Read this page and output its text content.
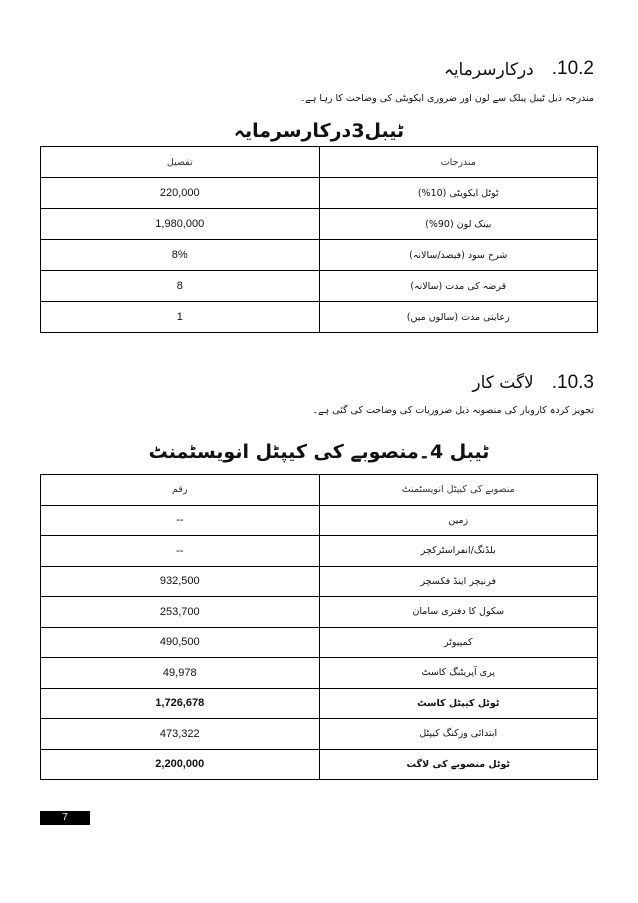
.10.2
درکارسرمایہ
مندرجہ ذیل ٹیبل پبلک سے لون اور ضروری ایکویٹی کی وضاحت کا رہا ہے۔
ٹیبل3درکارسرمایہ
تفصیل	مندرجات
220,000	ٹوٹل ایکویٹی (10%)
1,980,000	بینک لون (90%)
8%	شرح سود (فیصد/سالانہ)
8	قرضہ کی مدت (سالانہ)
1	رعایتی مدت (سالوں میں)
.10.3
لاگت کار
تجویز کردہ کاروبار کی منصوبہ ذیل ضروریات کی وضاحت کی گئی ہے۔
ٹیبل 4۔منصوبے کی کیپٹل انویسٹمنٹ
رقم	منصوبے کی کیپٹل انویسٹمنٹ
--	زمین
--	بلڈنگ/انفراسٹرکچر
932,500	فرنیچر اینڈ فکسچر
253,700	سکول کا دفتری سامان
490,500	کمپیوٹر
49,978	پری آپریٹنگ کاسٹ
1,726,678	ٹوٹل کیپٹل کاسٹ
473,322	ابتدائی ورکنگ کیپٹل
2,200,000	ٹوٹل منصوبے کی لاگت
7
